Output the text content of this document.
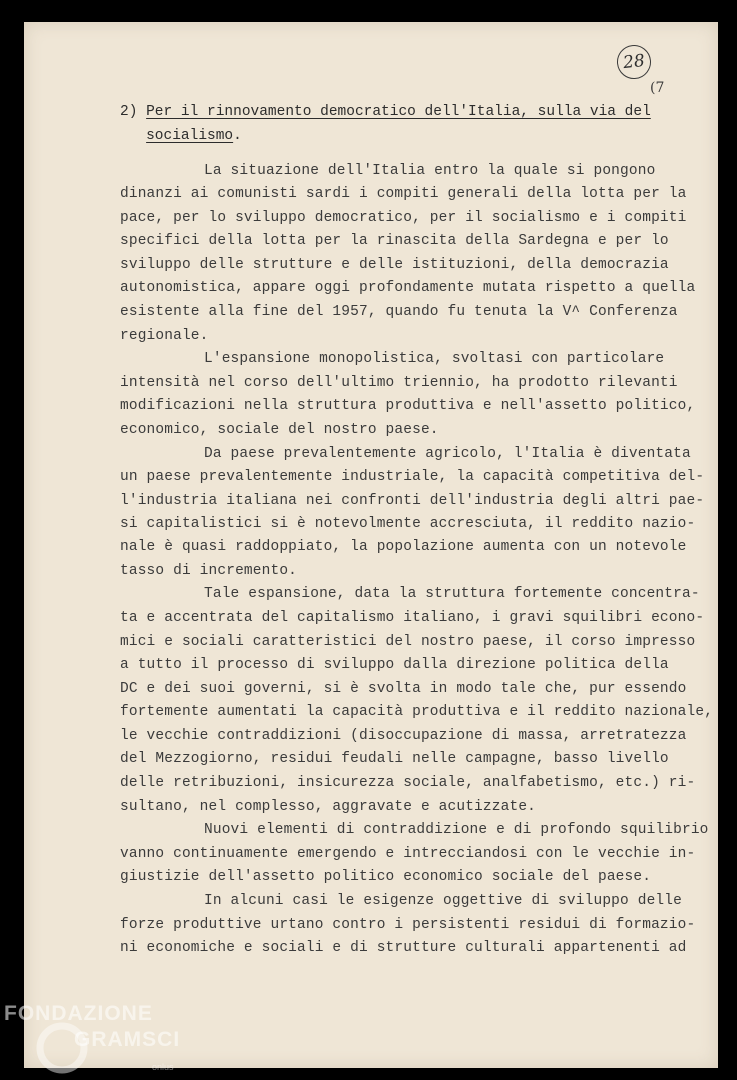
28
(7
2) Per il rinnovamento democratico dell'Italia, sulla via del
socialismo.
La situazione dell'Italia entro la quale si pongono
dinanzi ai comunisti sardi i compiti generali della lotta per la
pace, per lo sviluppo democratico, per il socialismo e i compiti
specifici della lotta per la rinascita della Sardegna e per lo
sviluppo delle strutture e delle istituzioni, della democrazia
autonomistica, appare oggi profondamente mutata rispetto a quella
esistente alla fine del 1957, quando fu tenuta la V^ Conferenza
regionale.
L'espansione monopolistica, svoltasi con particolare
intensità nel corso dell'ultimo triennio, ha prodotto rilevanti
modificazioni nella struttura produttiva e nell'assetto politico,
economico, sociale del nostro paese.
Da paese prevalentemente agricolo, l'Italia è diventata
un paese prevalentemente industriale, la capacità competitiva del-
l'industria italiana nei confronti dell'industria degli altri pae-
si capitalistici si è notevolmente accresciuta, il reddito nazio-
nale è quasi raddoppiato, la popolazione aumenta con un notevole
tasso di incremento.
Tale espansione, data la struttura fortemente concentra-
ta e accentrata del capitalismo italiano, i gravi squilibri econo-
mici e sociali caratteristici del nostro paese, il corso impresso
a tutto il processo di sviluppo dalla direzione politica della
DC e dei suoi governi, si è svolta in modo tale che, pur essendo
fortemente aumentati la capacità produttiva e il reddito nazionale,
le vecchie contraddizioni (disoccupazione di massa, arretratezza
del Mezzogiorno, residui feudali nelle campagne, basso livello
delle retribuzioni, insicurezza sociale, analfabetismo, etc.) ri-
sultano, nel complesso, aggravate e acutizzate.
Nuovi elementi di contraddizione e di profondo squilibrio
vanno continuamente emergendo e intrecciandosi con le vecchie in-
giustizie dell'assetto politico economico sociale del paese.
In alcuni casi le esigenze oggettive di sviluppo delle
forze produttive urtano contro i persistenti residui di formazio-
ni economiche e sociali e di strutture culturali appartenenti ad
FONDAZIONE
GRAMSCI
onlus
